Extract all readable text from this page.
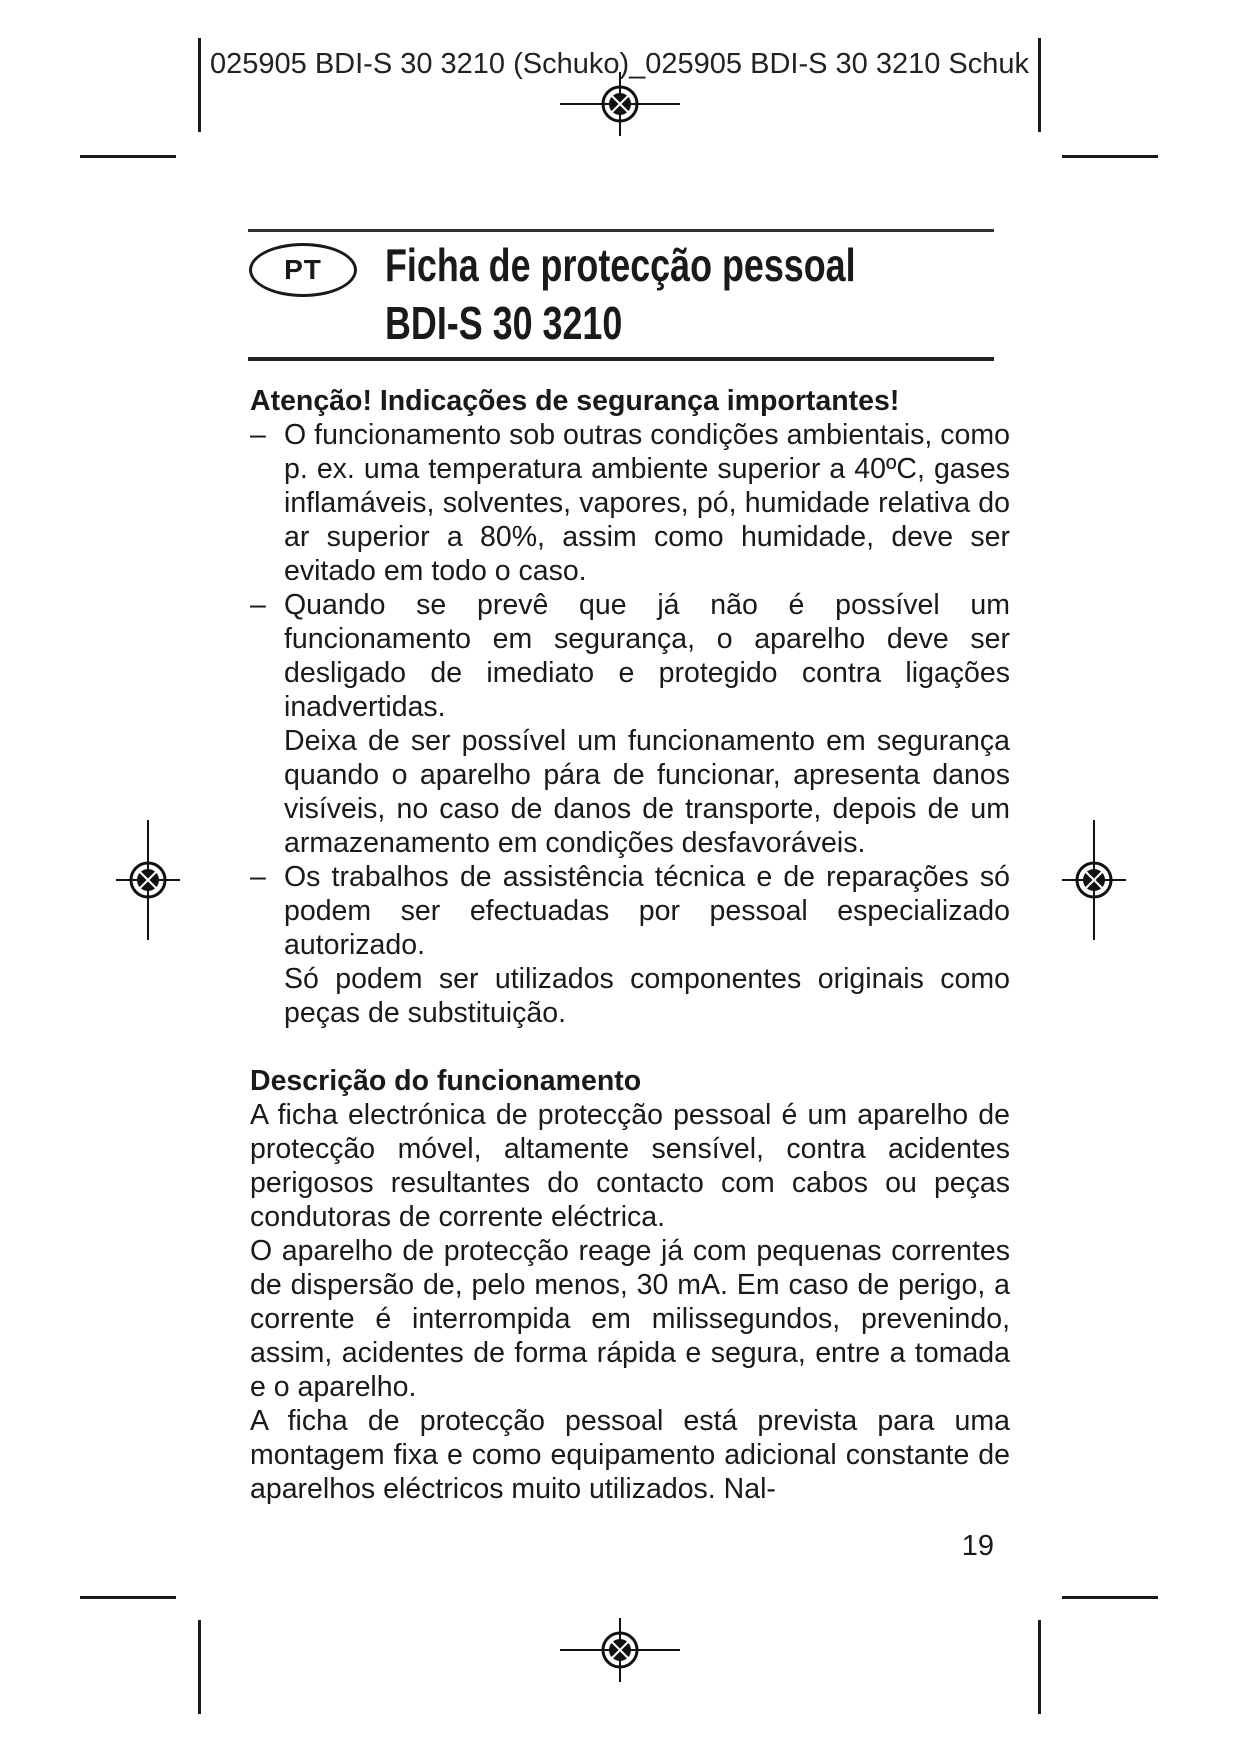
025905 BDI-S 30 3210 (Schuko)_025905 BDI-S 30 3210 Schuk
PT	Ficha de protecção pessoal
BDI-S 30 3210

Atenção! Indicações de segurança importantes!

– O funcionamento sob outras condições ambientais, como p. ex. uma temperatura ambiente superior a 40ºC, gases inflamáveis, solventes, vapores, pó, humidade relativa do ar superior a 80%, assim como humidade, deve ser evitado em todo o caso.
– Quando se prevê que já não é possível um funcionamento em segurança, o aparelho deve ser desligado de imediato e protegido contra ligações inadvertidas.

Deixa de ser possível um funcionamento em segurança quando o aparelho pára de funcionar, apresenta danos visíveis, no caso de danos de transporte, depois de um armazenamento em condições desfavoráveis.

– Os trabalhos de assistência técnica e de reparações só podem ser efectuadas por pessoal especializado autorizado.

Só podem ser utilizados componentes originais como peças de substituição.

Descrição do funcionamento

A ficha electrónica de protecção pessoal é um aparelho de protecção móvel, altamente sensível, contra acidentes perigosos resultantes do contacto com cabos ou peças condutoras de corrente eléctrica.

O aparelho de protecção reage já com pequenas correntes de dispersão de, pelo menos, 30 mA. Em caso de perigo, a corrente é interrompida em milissegundos, prevenindo, assim, acidentes de forma rápida e segura, entre a tomada e o aparelho.

A ficha de protecção pessoal está prevista para uma montagem fixa e como equipamento adicional constante de aparelhos eléctricos muito utilizados. Nal-

19
